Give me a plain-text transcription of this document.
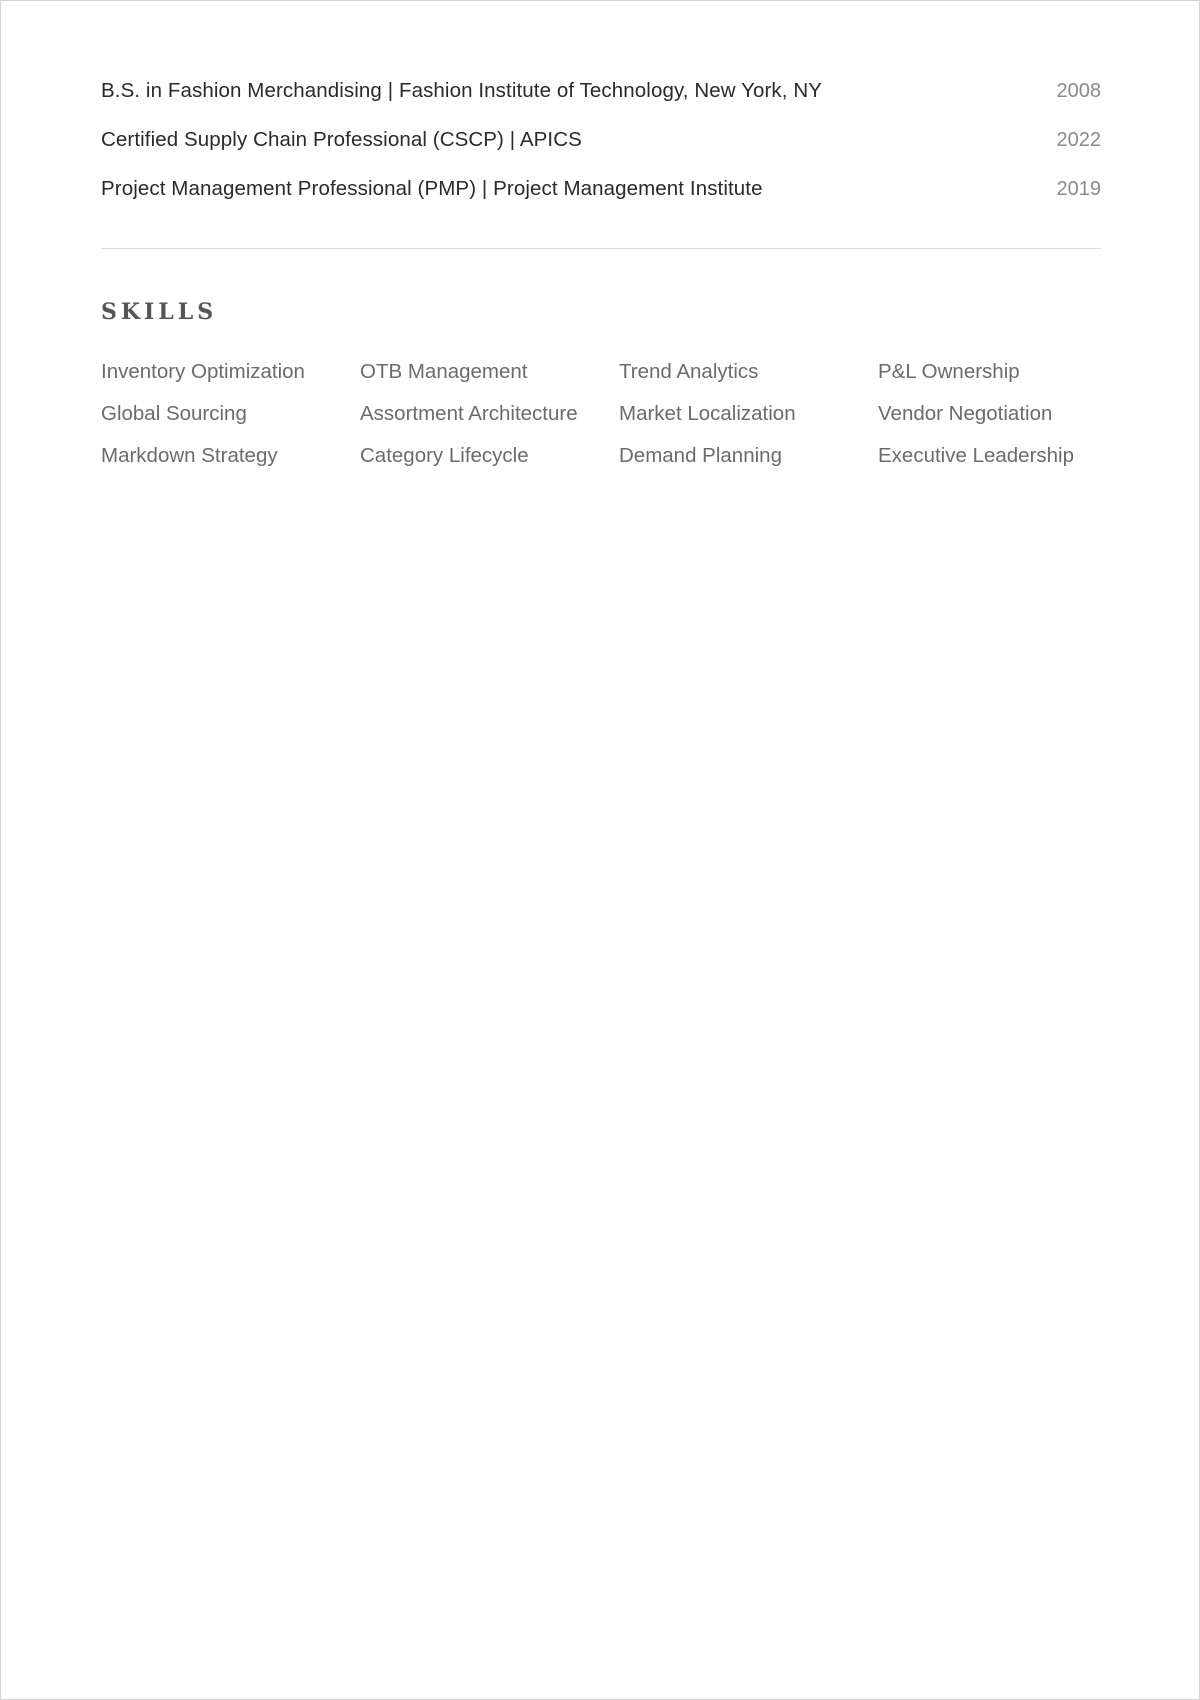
B.S. in Fashion Merchandising | Fashion Institute of Technology, New York, NY	2008
Certified Supply Chain Professional (CSCP) | APICS	2022
Project Management Professional (PMP) | Project Management Institute	2019
SKILLS
Inventory Optimization	OTB Management	Trend Analytics	P&L Ownership
Global Sourcing	Assortment Architecture	Market Localization	Vendor Negotiation
Markdown Strategy	Category Lifecycle	Demand Planning	Executive Leadership
